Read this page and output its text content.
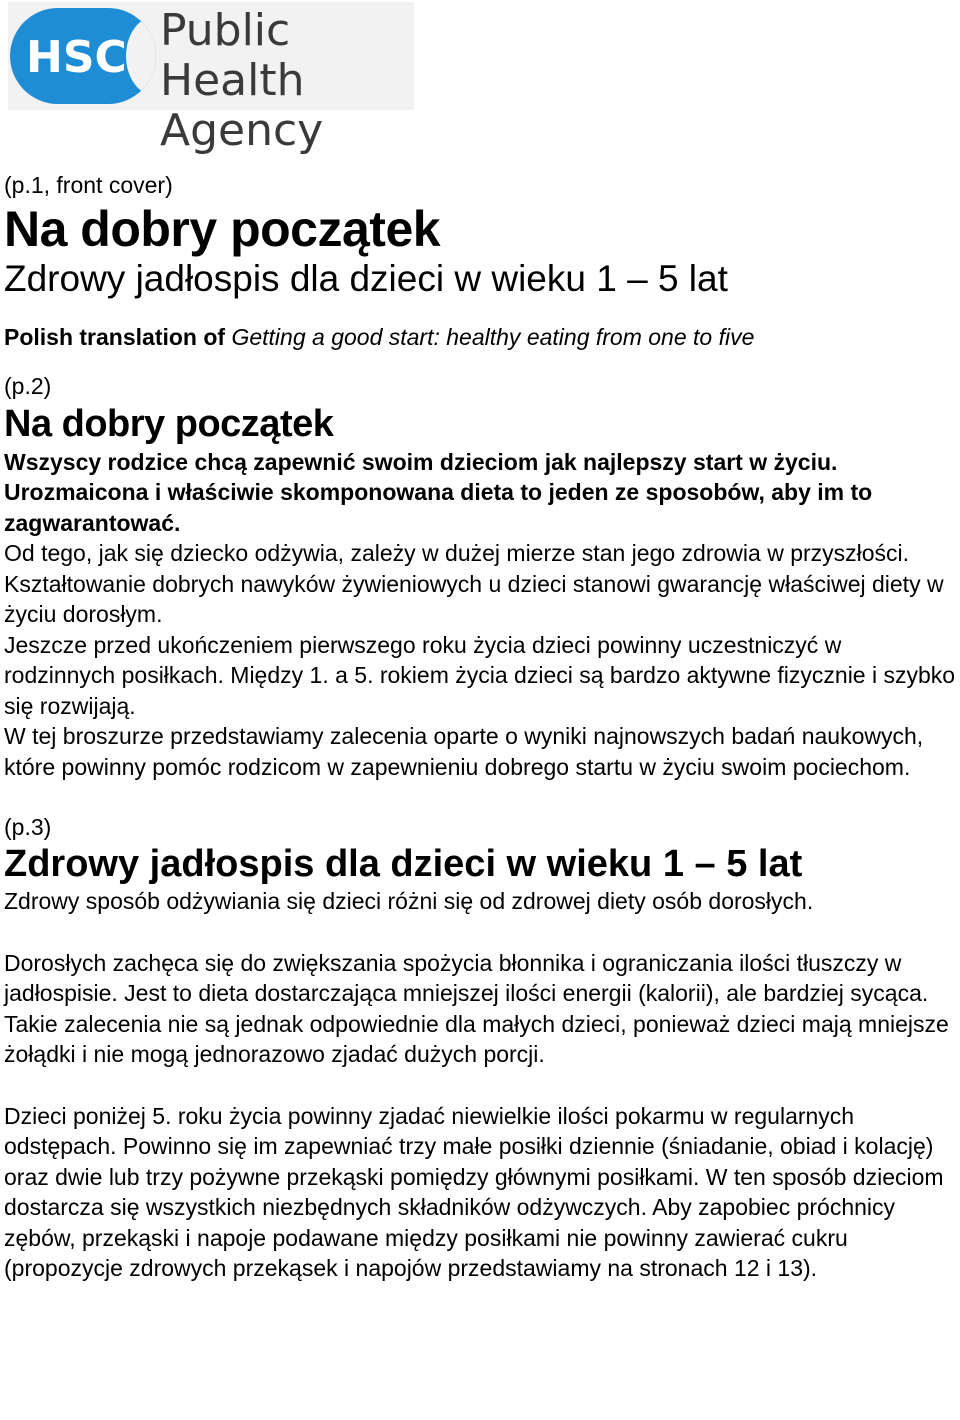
HSC
Public Health
Agency

(p.1, front cover)

Na dobry początek

Zdrowy jadłospis dla dzieci w wieku 1 – 5 lat

Polish translation of Getting a good start: healthy eating from one to five

(p.2)

Na dobry początek

Wszyscy rodzice chcą zapewnić swoim dzieciom jak najlepszy start w życiu. Urozmaicona i właściwie skomponowana dieta to jeden ze sposobów, aby im to zagwarantować.

Od tego, jak się dziecko odżywia, zależy w dużej mierze stan jego zdrowia w przyszłości. Kształtowanie dobrych nawyków żywieniowych u dzieci stanowi gwarancję właściwej diety w życiu dorosłym.

Jeszcze przed ukończeniem pierwszego roku życia dzieci powinny uczestniczyć w rodzinnych posiłkach. Między 1. a 5. rokiem życia dzieci są bardzo aktywne fizycznie i szybko się rozwijają.

W tej broszurze przedstawiamy zalecenia oparte o wyniki najnowszych badań naukowych, które powinny pomóc rodzicom w zapewnieniu dobrego startu w życiu swoim pociechom.

(p.3)

Zdrowy jadłospis dla dzieci w wieku 1 – 5 lat

Zdrowy sposób odżywiania się dzieci różni się od zdrowej diety osób dorosłych.

Dorosłych zachęca się do zwiększania spożycia błonnika i ograniczania ilości tłuszczy w jadłospisie. Jest to dieta dostarczająca mniejszej ilości energii (kalorii), ale bardziej sycąca. Takie zalecenia nie są jednak odpowiednie dla małych dzieci, ponieważ dzieci mają mniejsze żołądki i nie mogą jednorazowo zjadać dużych porcji.

Dzieci poniżej 5. roku życia powinny zjadać niewielkie ilości pokarmu w regularnych odstępach. Powinno się im zapewniać trzy małe posiłki dziennie (śniadanie, obiad i kolację) oraz dwie lub trzy pożywne przekąski pomiędzy głównymi posiłkami. W ten sposób dzieciom dostarcza się wszystkich niezbędnych składników odżywczych. Aby zapobiec próchnicy zębów, przekąski i napoje podawane między posiłkami nie powinny zawierać cukru (propozycje zdrowych przekąsek i napojów przedstawiamy na stronach 12 i 13).
